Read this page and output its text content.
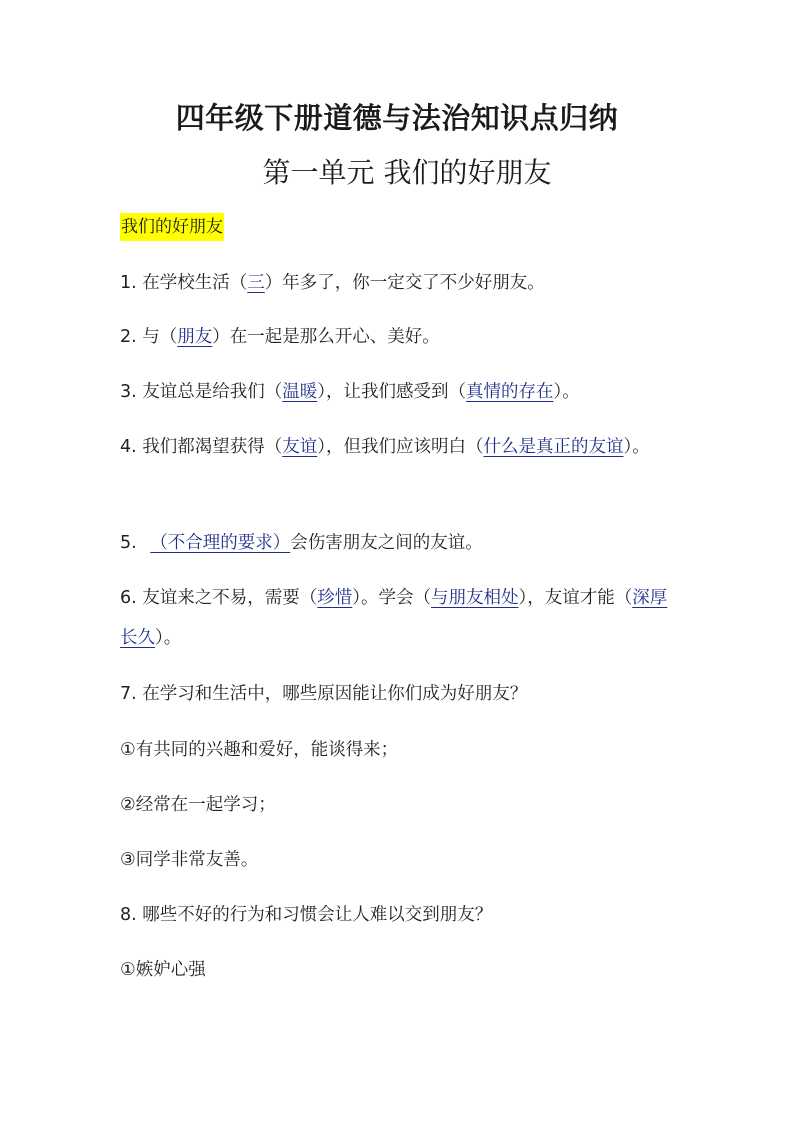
四年级下册道德与法治知识点归纳
第一单元 我们的好朋友
我们的好朋友

1. 在学校生活（三）年多了，你一定交了不少好朋友。

2. 与（朋友）在一起是那么开心、美好。

3. 友谊总是给我们（温暖），让我们感受到（真情的存在）。

4. 我们都渴望获得（友谊），但我们应该明白（什么是真正的友谊）。

5. （不合理的要求）会伤害朋友之间的友谊。

6. 友谊来之不易，需要（珍惜）。学会（与朋友相处），友谊才能（深厚长久）。

7. 在学习和生活中，哪些原因能让你们成为好朋友？

①有共同的兴趣和爱好，能谈得来；

②经常在一起学习；

③同学非常友善。

8. 哪些不好的行为和习惯会让人难以交到朋友？

①嫉妒心强
